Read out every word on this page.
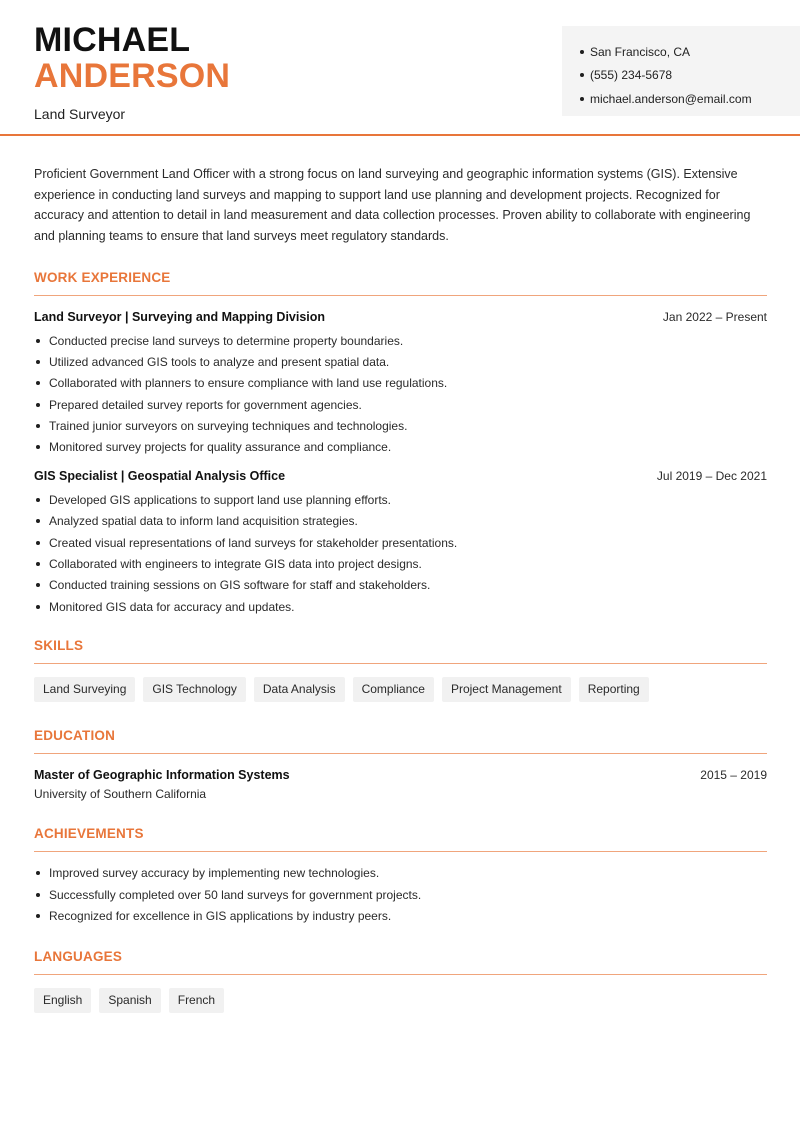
MICHAEL
ANDERSON
Land Surveyor
San Francisco, CA
(555) 234-5678
michael.anderson@email.com

Proficient Government Land Officer with a strong focus on land surveying and geographic information systems (GIS). Extensive experience in conducting land surveys and mapping to support land use planning and development projects. Recognized for accuracy and attention to detail in land measurement and data collection processes. Proven ability to collaborate with engineering and planning teams to ensure that land surveys meet regulatory standards.

WORK EXPERIENCE
Land Surveyor | Surveying and Mapping Division	Jan 2022 – Present
Conducted precise land surveys to determine property boundaries.
Utilized advanced GIS tools to analyze and present spatial data.
Collaborated with planners to ensure compliance with land use regulations.
Prepared detailed survey reports for government agencies.
Trained junior surveyors on surveying techniques and technologies.
Monitored survey projects for quality assurance and compliance.
GIS Specialist | Geospatial Analysis Office	Jul 2019 – Dec 2021
Developed GIS applications to support land use planning efforts.
Analyzed spatial data to inform land acquisition strategies.
Created visual representations of land surveys for stakeholder presentations.
Collaborated with engineers to integrate GIS data into project designs.
Conducted training sessions on GIS software for staff and stakeholders.
Monitored GIS data for accuracy and updates.
SKILLS
Land Surveying	GIS Technology	Data Analysis	Compliance	Project Management	Reporting
EDUCATION
Master of Geographic Information Systems	2015 – 2019
University of Southern California
ACHIEVEMENTS
Improved survey accuracy by implementing new technologies.
Successfully completed over 50 land surveys for government projects.
Recognized for excellence in GIS applications by industry peers.
LANGUAGES
English	Spanish	French
